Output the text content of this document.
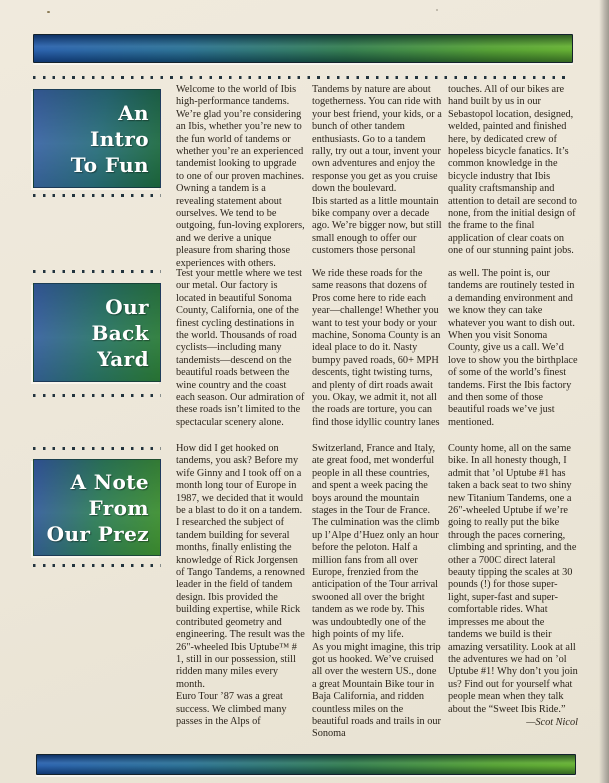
An
Intro
To Fun
Our
Back
Yard
A Note
From
Our Prez

Welcome to the world of Ibis high-performance tandems. We’re glad you’re considering an Ibis, whether you’re new to the fun world of tandems or whether you’re an experienced tandemist looking to upgrade to one of our proven machines. Owning a tandem is a revealing statement about ourselves. We tend to be outgoing, fun-loving explorers, and we derive a unique pleasure from sharing those experiences with others.

Tandems by nature are about togetherness. You can ride with your best friend, your kids, or a bunch of other tandem enthusiasts. Go to a tandem rally, try out a tour, invent your own adventures and enjoy the response you get as you cruise down the boulevard.

Ibis started as a little mountain bike company over a decade ago. We’re bigger now, but still small enough to offer our customers those personal

touches. All of our bikes are hand built by us in our Sebastopol location, designed, welded, painted and finished here, by dedicated crew of hopeless bicycle fanatics. It’s common knowledge in the bicycle industry that Ibis quality craftsmanship and attention to detail are second to none, from the initial design of the frame to the final application of clear coats on one of our stunning paint jobs.

Test your mettle where we test our metal. Our factory is located in beautiful Sonoma County, California, one of the finest cycling destinations in the world. Thousands of road cyclists—including many tandemists—descend on the beautiful roads between the wine country and the coast each season. Our admiration of these roads isn’t limited to the spectacular scenery alone.

We ride these roads for the same reasons that dozens of Pros come here to ride each year—challenge! Whether you want to test your body or your machine, Sonoma County is an ideal place to do it. Nasty bumpy paved roads, 60+ MPH descents, tight twisting turns, and plenty of dirt roads await you. Okay, we admit it, not all the roads are torture, you can find those idyllic country lanes

as well. The point is, our tandems are routinely tested in a demanding environment and we know they can take whatever you want to dish out. When you visit Sonoma County, give us a call. We’d love to show you the birthplace of some of the world’s finest tandems. First the Ibis factory and then some of those beautiful roads we’ve just mentioned.

How did I get hooked on tandems, you ask? Before my wife Ginny and I took off on a month long tour of Europe in 1987, we decided that it would be a blast to do it on a tandem. I researched the subject of tandem building for several months, finally enlisting the knowledge of Rick Jorgensen of Tango Tandems, a renowned leader in the field of tandem design. Ibis provided the building expertise, while Rick contributed geometry and engineering. The result was the 26"-wheeled Ibis Uptube™ # 1, still in our possession, still ridden many miles every month.

Euro Tour ’87 was a great success. We climbed many passes in the Alps of

Switzerland, France and Italy, ate great food, met wonderful people in all these countries, and spent a week pacing the boys around the mountain stages in the Tour de France. The culmination was the climb up l’Alpe d’Huez only an hour before the peloton. Half a million fans from all over Europe, frenzied from the anticipation of the Tour arrival swooned all over the bright tandem as we rode by. This was undoubtedly one of the high points of my life.

As you might imagine, this trip got us hooked. We’ve cruised all over the western US., done a great Mountain Bike tour in Baja California, and ridden countless miles on the beautiful roads and trails in our Sonoma

County home, all on the same bike. In all honesty though, I admit that ’ol Uptube #1 has taken a back seat to two shiny new Titanium Tandems, one a 26"-wheeled Uptube if we’re going to really put the bike through the paces cornering, climbing and sprinting, and the other a 700C direct lateral beauty tipping the scales at 30 pounds (!) for those super-light, super-fast and super-comfortable rides. What impresses me about the tandems we build is their amazing versatility. Look at all the adventures we had on ’ol Uptube #1! Why don’t you join us? Find out for yourself what people mean when they talk about the “Sweet Ibis Ride.”

—Scot Nicol
